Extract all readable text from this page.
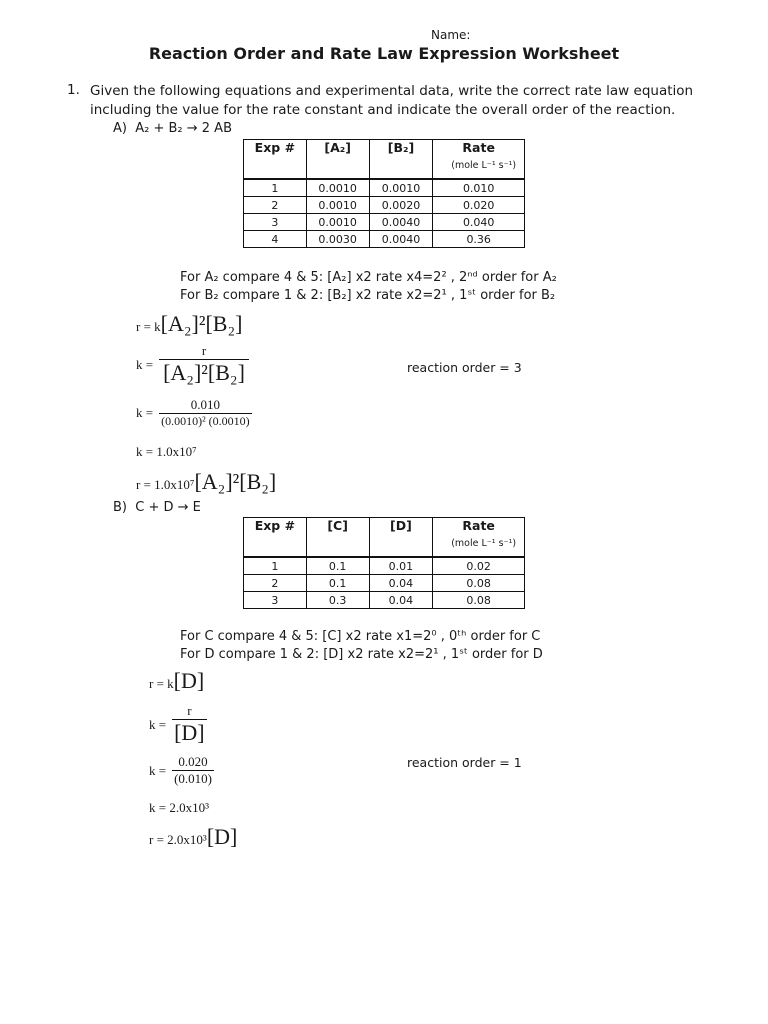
Name:
Reaction Order and Rate Law Expression Worksheet
1. Given the following equations and experimental data, write the correct rate law equation
including the value for the rate constant and indicate the overall order of the reaction.
A) A₂ + B₂ → 2 AB
Exp #	[A₂]	[B₂]	Rate
(mole L⁻¹ s⁻¹)

1	0.0010	0.0010	0.010
2	0.0010	0.0020	0.020
3	0.0010	0.0040	0.040
4	0.0030	0.0040	0.36
For A₂ compare 4 & 5: [A₂] x2 rate x4=2² , 2ⁿᵈ order for A₂
For B₂ compare 1 & 2: [B₂] x2 rate x2=2¹ , 1ˢᵗ order for B₂
r = k[A₂]²[B₂]
$k = \frac{r}{\text{[A₂]²[B₂]}}$	reaction order = 3
$k = \frac{0.010}{\text{(0.0010)² (0.0010)}}$
k = 1.0x10⁷
r = 1.0x10⁷[A₂]²[B₂]
B) C + D → E
Exp #	[C]	[D]	Rate
(mole L⁻¹ s⁻¹)

1	0.1	0.01	0.02
2	0.1	0.04	0.08
3	0.3	0.04	0.08
For C compare 4 & 5: [C] x2 rate x1=2⁰ , 0ᵗʰ order for C
For D compare 1 & 2: [D] x2 rate x2=2¹ , 1ˢᵗ order for D
r = k[D]
$k = \frac{r}{[D]}$
$k = \frac{0.020}{(0.010)}$	reaction order = 1
k = 2.0x10³
r = 2.0x10³[D]
